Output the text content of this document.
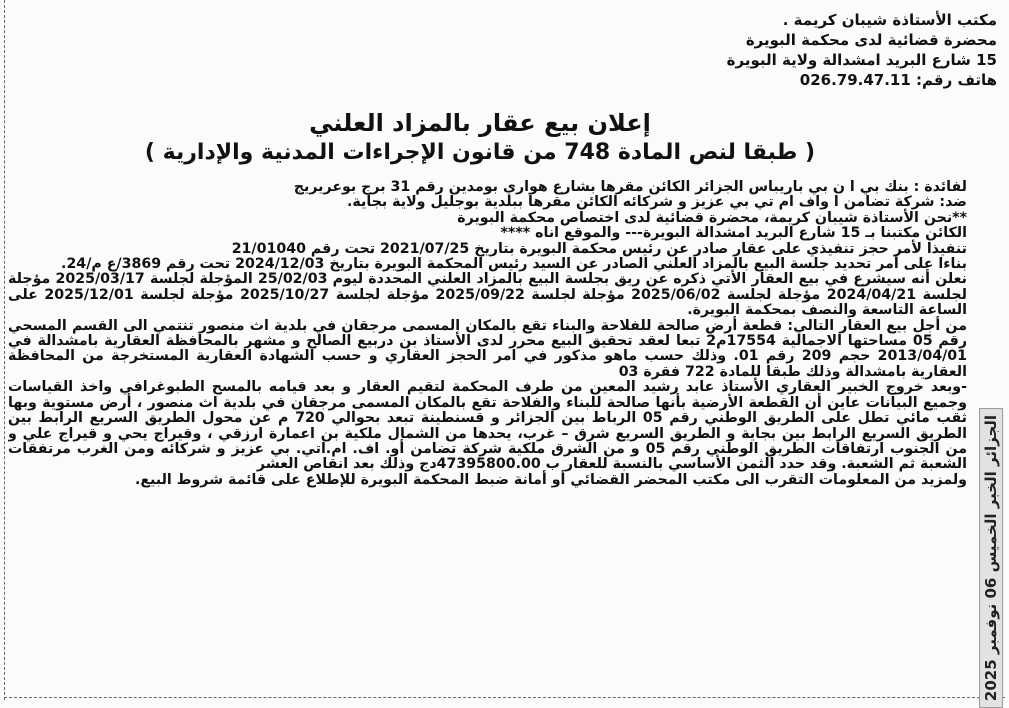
مكتب الأستاذة شيبان كريمة .
محضرة قضائية لدى محكمة البويرة
15 شارع البريد امشدالة ولاية البويرة
هاتف رقم: 026.79.47.11
إعلان بيع عقار بالمزاد العلني
( طبقا لنص المادة 748 من قانون الإجراءات المدنية والإدارية )

لفائدة : بنك بي ا ن بي باريباس الجزائر الكائن مقرها بشارع هواري بومدين رقم 31 برج بوعريريج

ضد: شركة تضامن ا واف ام تي بي عزيز و شركائه الكائن مقرها ببلدية بوجليل ولاية بجاية.

**نحن الأستاذة شيبان كريمة، محضرة قضائية لدى اختصاص محكمة البويرة

الكائن مكتبنا بـ 15 شارع البريد امشدالة البويرة--- والموقع اناه ****

تنفيذا لأمر حجز تنفيذي على عقار صادر عن رئيس محكمة البويرة بتاريخ 2021/07/25 تحت رقم 21/01040

بناءا على أمر تحديد جلسة البيع بالمزاد العلني الصادر عن السيد رئيس المحكمة البويرة بتاريخ 2024/12/03 تحت رقم 3869/ع م/24.

نعلن أنه سيشرع في بيع العقار الأتي ذكره عن ريق بجلسة البيع بالمزاد العلني المحددة ليوم 25/02/03 المؤجلة لجلسة 2025/03/17 مؤجلة لجلسة 2024/04/21 مؤجلة لجلسة 2025/06/02 مؤجلة لجلسة 2025/09/22 مؤجلة لجلسة 2025/10/27 مؤجلة لجلسة 2025/12/01 على الساعة التاسعة والنصف بمحكمة البويرة.

من أجل بيع العقار التالي: قطعة أرض صالحة للفلاحة والبناء تقع بالمكان المسمى مرجقان في بلدية اث منصور تنتمي الى القسم المسحي رقم 05 مساحتها الاجمالية 17554م2 تبعا لعقد تحقيق البيع محرر لدى الأستاذ بن دربيع الصالح و مشهر بالمحافظة العقارية بامشدالة في 2013/04/01 حجم 209 رقم 01. وذلك حسب ماهو مذكور في امر الحجز العقاري و حسب الشهادة العقارية المستخرجة من المحافظة العقارية بامشدالة وذلك طبقا للمادة 722 فقرة 03

-وبعد خروج الخبير العقاري الأستاذ عابد رشيد المعين من طرف المحكمة لتقيم العقار و بعد قيامه بالمسح الطبوغرافي واخذ القياسات وجميع البيانات عاين أن القطعة الأرضية بأنها صالحة للبناء والفلاحة تقع بالمكان المسمى مرجقان في بلدية اث منصور ، أرض مستوية وبها ثقب مائي تطل على الطريق الوطني رقم 05 الرباط بين الجزائر و قسنطينة تبعد بحوالي 720 م عن محول الطريق السريع الرابط بين الطريق السريع الرابط بين بجاية و الطريق السريع شرق – غرب، يحدها من الشمال ملكية بن اعمارة ارزقي ، وقيراج يحي و قيراج علي و من الجنوب ارتفاقات الطريق الوطني رقم 05 و من الشرق ملكية شركة تضامن أو. اف. ام.اتي. بي عزيز و شركائه ومن الغرب مرتفقات الشعبة ثم الشعبة. وقد حدد الثمن الأساسي بالنسبة للعقار ب 47395800.00دج وذلك بعد انقاص العشر

ولمزيد من المعلومات التقرب الى مكتب المحضر القضائي أو أمانة ضبط المحكمة البويرة للإطلاع على قائمة شروط البيع.

الجزائر الخبر الخميس 06 نوفمبر 2025
